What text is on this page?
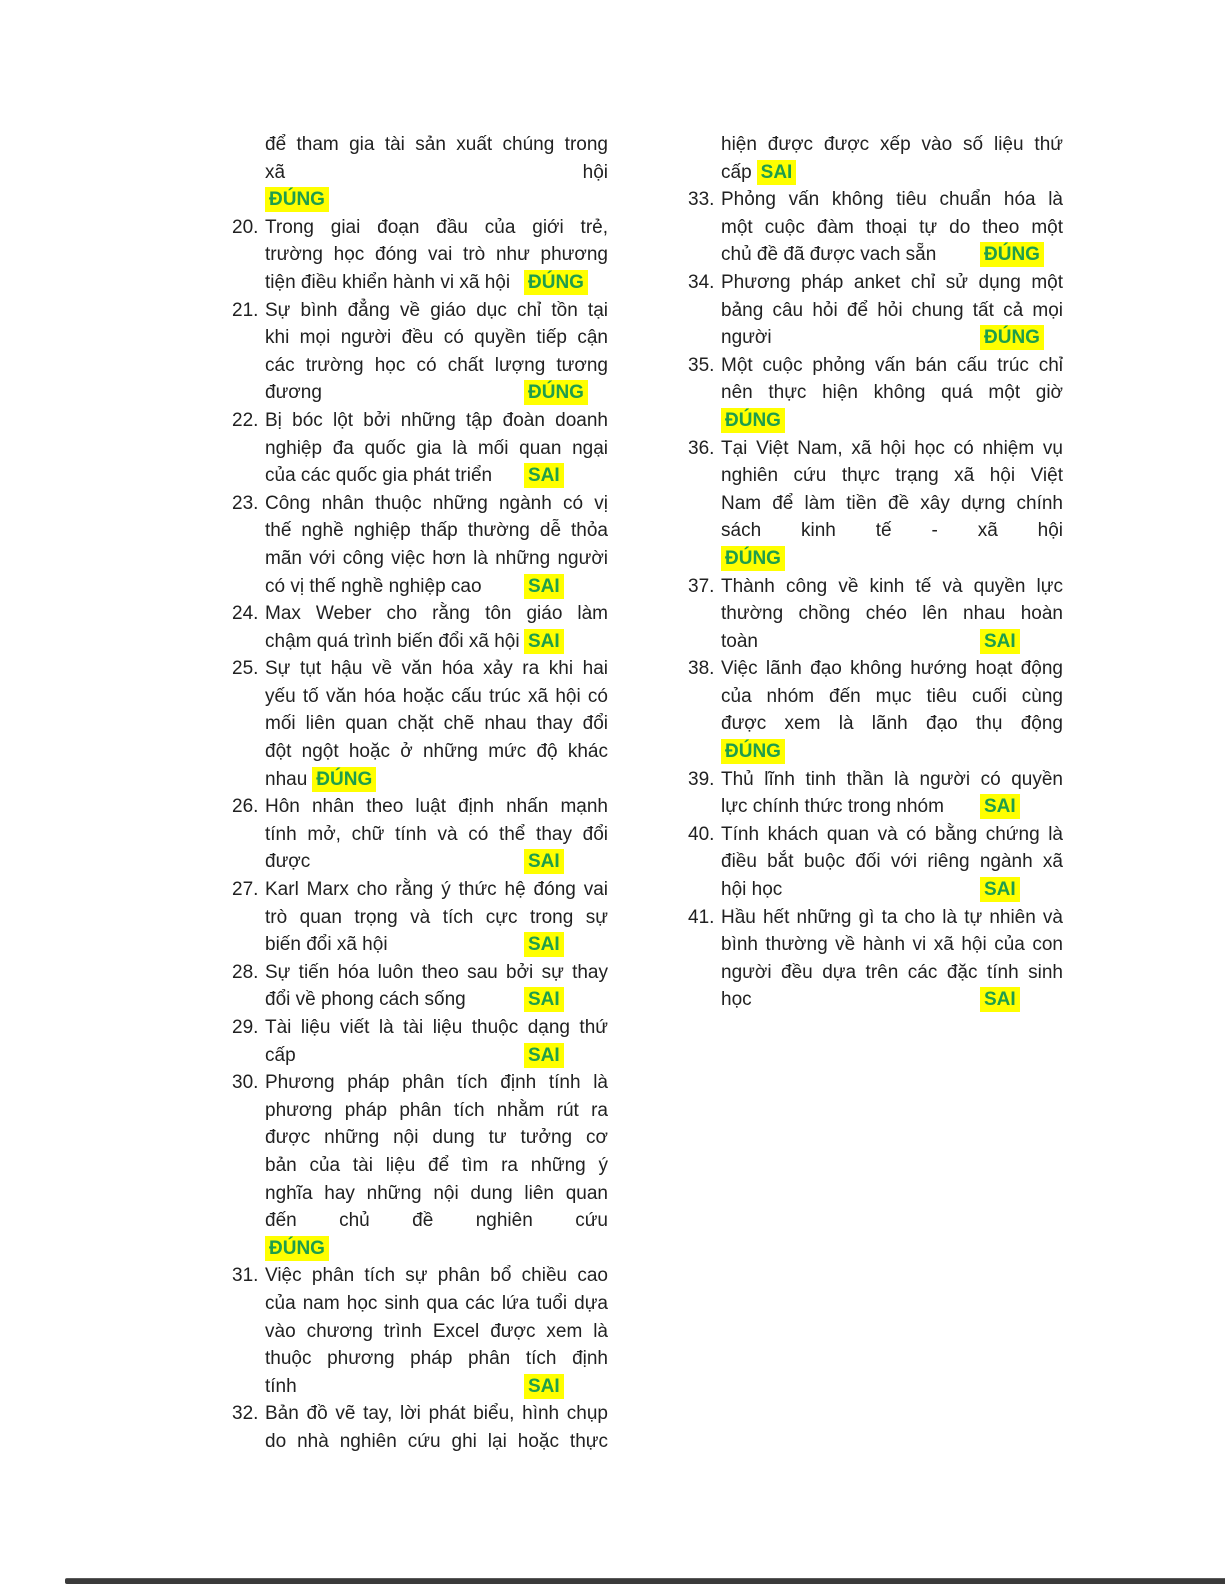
để tham gia tài sản xuất chúng trong
xã hội
ĐÚNG
20. Trong giai đoạn đầu của giới trẻ,
trường học đóng vai trò như phương
tiện điều khiển hành vi xã hội ĐÚNG
21. Sự bình đẳng về giáo dục chỉ tồn tại
khi mọi người đều có quyền tiếp cận
các trường học có chất lượng tương
đương	ĐÚNG
22. Bị bóc lột bởi những tập đoàn doanh
nghiệp đa quốc gia là mối quan ngại
của các quốc gia phát triển SAI
23. Công nhân thuộc những ngành có vị
thế nghề nghiệp thấp thường dễ thỏa
mãn với công việc hơn là những người
có vị thế nghề nghiệp cao SAI
24. Max Weber cho rằng tôn giáo làm
chậm quá trình biến đổi xã hội SAI
25. Sự tụt hậu về văn hóa xảy ra khi hai
yếu tố văn hóa hoặc cấu trúc xã hội có
mối liên quan chặt chẽ nhau thay đổi
đột ngột hoặc ở những mức độ khác
nhau ĐÚNG
26. Hôn nhân theo luật định nhấn mạnh
tính mở, chữ tính và có thể thay đổi
được	SAI
27. Karl Marx cho rằng ý thức hệ đóng vai
trò quan trọng và tích cực trong sự
biến đổi xã hội	SAI
28. Sự tiến hóa luôn theo sau bởi sự thay
đổi về phong cách sống	SAI
29. Tài liệu viết là tài liệu thuộc dạng thứ
cấp	SAI
30. Phương pháp phân tích định tính là
phương pháp phân tích nhằm rút ra
được những nội dung tư tưởng cơ
bản của tài liệu để tìm ra những ý
nghĩa hay những nội dung liên quan
đến chủ đề nghiên cứu
ĐÚNG
31. Việc phân tích sự phân bổ chiều cao
của nam học sinh qua các lứa tuổi dựa
vào chương trình Excel được xem là
thuộc phương pháp phân tích định
tính	SAI
32. Bản đồ vẽ tay, lời phát biểu, hình chụp
do nhà nghiên cứu ghi lại hoặc thực
hiện được được xếp vào số liệu thứ
cấp SAI
33. Phỏng vấn không tiêu chuẩn hóa là
một cuộc đàm thoại tự do theo một
chủ đề đã được vach sẵn	ĐÚNG
34. Phương pháp anket chỉ sử dụng một
bảng câu hỏi để hỏi chung tất cả mọi
người	ĐÚNG
35. Một cuộc phỏng vấn bán cấu trúc chỉ
nên thực hiện không quá một giờ
ĐÚNG
36. Tại Việt Nam, xã hội học có nhiệm vụ
nghiên cứu thực trạng xã hội Việt
Nam để làm tiền đề xây dựng chính
sách kinh tế - xã hội
ĐÚNG
37. Thành công về kinh tế và quyền lực
thường chồng chéo lên nhau hoàn
toàn	SAI
38. Việc lãnh đạo không hướng hoạt động
của nhóm đến mục tiêu cuối cùng
được xem là lãnh đạo thụ động
ĐÚNG
39. Thủ lĩnh tinh thần là người có quyền
lực chính thức trong nhóm SAI
40. Tính khách quan và có bằng chứng là
điều bắt buộc đối với riêng ngành xã
hội học	SAI
41. Hầu hết những gì ta cho là tự nhiên và
bình thường về hành vi xã hội của con
người đều dựa trên các đặc tính sinh
học	SAI
